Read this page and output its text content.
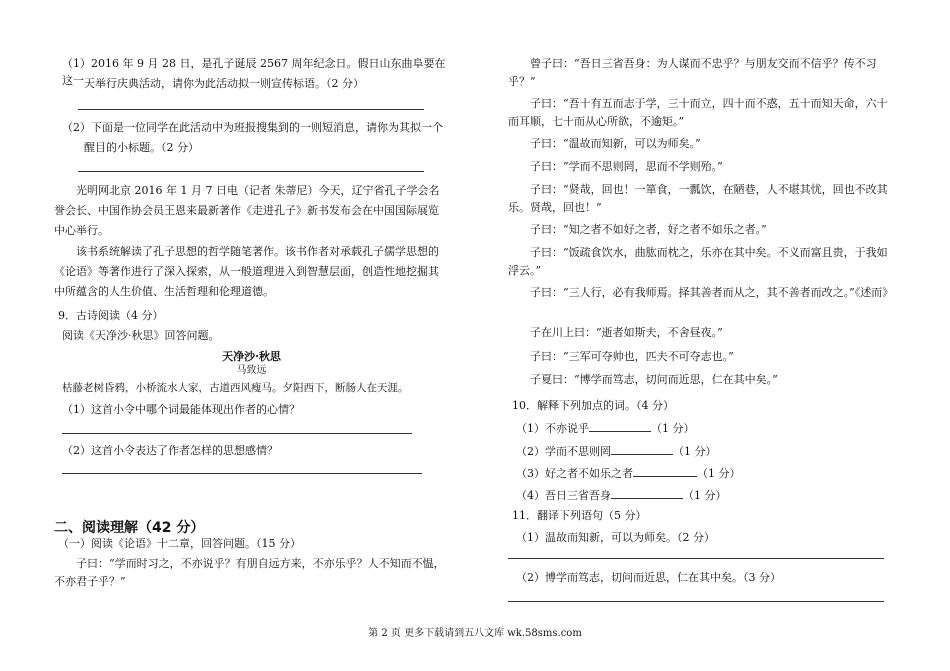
（1）2016 年 9 月 28 日，是孔子诞辰 2567 周年纪念日。假日山东曲阜要在这一 天举行庆典活动，请你为此活动拟一则宣传标语。（2 分）

（2）下面是一位同学在此活动中为班报搜集到的一则短消息，请你为其拟一个

醒目的小标题。（2 分）

光明网北京 2016 年 1 月 7 日电（记者 朱蒂尼）今天，辽宁省孔子学会名誉会长、中国作协会员王恩来最新著作《走进孔子》新书发布会在中国国际展览中心举行。

该书系统解读了孔子思想的哲学随笔著作。该书作者对承载孔子儒学思想的《论语》等著作进行了深入探索，从一般道理进入到智慧层面，创造性地挖掘其中所蕴含的人生价值、生活哲理和伦理道德。

9．古诗阅读（4 分）

阅读《天净沙·秋思》回答问题。

天净沙·秋思

马致远

枯藤老树昏鸦，小桥流水人家，古道西风瘦马。夕阳西下，断肠人在天涯。

（1）这首小令中哪个词最能体现出作者的心情？

（2）这首小令表达了作者怎样的思想感情？

二、阅读理解（42 分）

（一）阅读《论语》十二章，回答问题。（15 分）

子曰：“学而时习之，不亦说乎？有朋自远方来，不亦乐乎？人不知而不愠，不亦君子乎？”

曾子曰：“吾日三省吾身：为人谋而不忠乎？与朋友交而不信乎？传不习乎？”

子曰：“吾十有五而志于学，三十而立，四十而不惑，五十而知天命，六十而耳顺，七十而从心所欲，不逾矩。”

子曰：“温故而知新，可以为师矣。”

子曰：“学而不思则罔，思而不学则殆。”

子曰：“贤哉，回也！一箪食，一瓢饮，在陋巷，人不堪其忧，回也不改其乐。贤哉，回也！”

子曰：“知之者不如好之者，好之者不如乐之者。”

子曰：“饭疏食饮水，曲肱而枕之，乐亦在其中矣。不义而富且贵，于我如浮云。”

子曰：“三人行，必有我师焉。择其善者而从之，其不善者而改之。”《述而》

子在川上曰：“逝者如斯夫，不舍昼夜。”

子曰：“三军可夺帅也，匹夫不可夺志也。”

子夏曰：“博学而笃志，切问而近思，仁在其中矣。”

10．解释下列加点的词。（4 分）

（1）不亦说乎	（1 分）
（2）学而不思则罔	（1 分）
（3）好之者不如乐之者	（1 分）
（4）吾日三省吾身	（1 分）

11．翻译下列语句（5 分）

（1）温故而知新，可以为师矣。（2 分）

（2）博学而笃志，切问而近思，仁在其中矣。（3 分）

第 2 页 更多下载请到五八文库 wk.58sms.com
